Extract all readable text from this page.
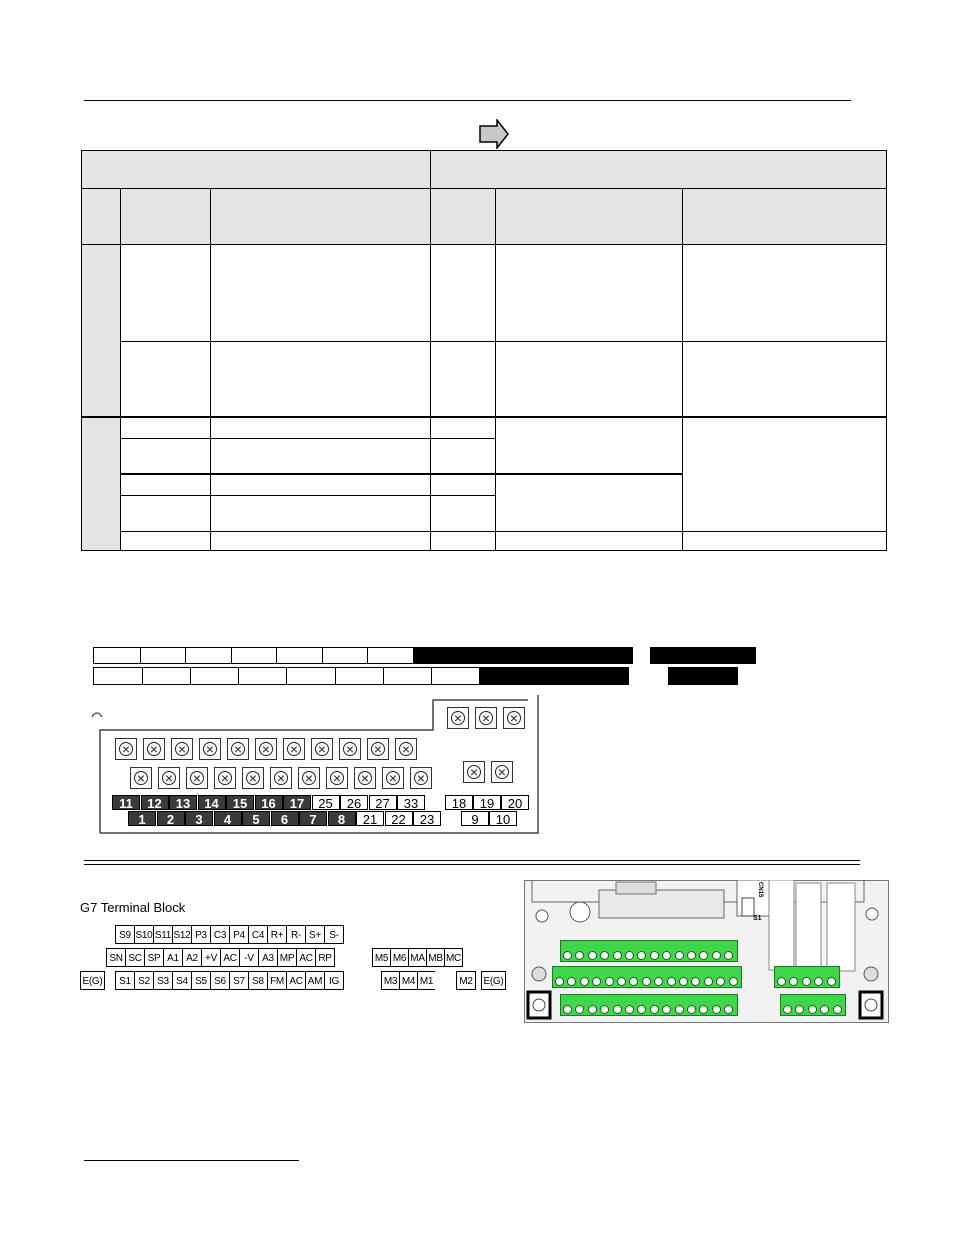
×
×
×
×
×
×
×
×
×
×
×
×
×
×
×
×
×
×
×
×
×
×
×
×
×
×
×
11	12	13	14	15	16	17	25	26	27	33
1	2	3	4	5	6	7	8	21	22	23
18	19	20
9	10
G7 Terminal Block
S9 S10 S11 S12 P3 C3 P4 C4 R+ R- S+ S-
SN SC SP A1 A2 +V AC -V A3 MP AC RP	M5 M6 MA MB MC
E(G)	S1 S2 S3 S4 S5 S6 S7 S8 FM AC AM IG	M3 M4 M1	M2	E(G)
CN15
S1
